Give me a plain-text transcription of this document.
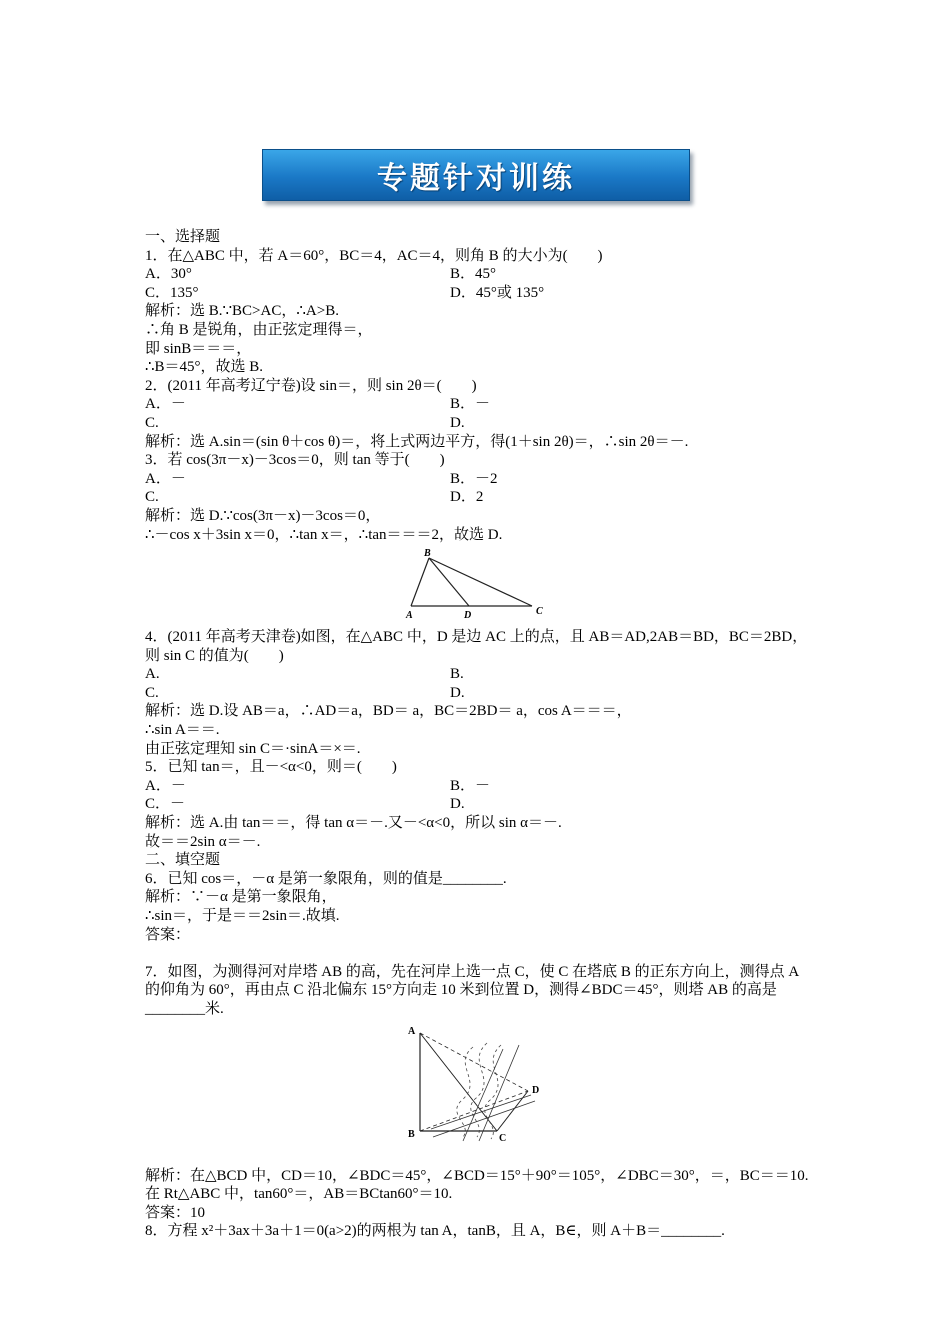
专题针对训练
一、选择题
1．在△ABC 中，若 A＝60°，BC＝4，AC＝4，则角 B 的大小为(　　)
A．30°	B．45°
C．135°	D．45°或 135°
解析：选 B.∵BC>AC，∴A>B.
∴角 B 是锐角，由正弦定理得＝，
即 sinB＝＝＝，
∴B＝45°，故选 B.
2．(2011 年高考辽宁卷)设 sin＝，则 sin 2θ＝(　　)
A．－	B．－
C.	D.
解析：选 A.sin＝(sin θ＋cos θ)＝，将上式两边平方，得(1＋sin 2θ)＝，∴sin 2θ＝－.
3．若 cos(3π－x)－3cos＝0，则 tan 等于(　　)
A．－	B．－2
C.	D．2
解析：选 D.∵cos(3π－x)－3cos＝0，
∴－cos x＋3sin x＝0，∴tan x＝，∴tan＝＝＝2，故选 D.
B
A	D	C
4．(2011 年高考天津卷)如图，在△ABC 中，D 是边 AC 上的点，且 AB＝AD,2AB＝BD，BC＝2BD，则 sin C 的值为(　　)
A.	B.
C.	D.
解析：选 D.设 AB＝a，∴AD＝a，BD＝ a，BC＝2BD＝ a，cos A＝＝＝，
∴sin A＝＝.
由正弦定理知 sin C＝·sinA＝×＝.
5．已知 tan＝，且－<α<0，则＝(　　)
A．－	B．－
C．－	D.
解析：选 A.由 tan＝＝，得 tan α＝－.又－<α<0，所以 sin α＝－.
故＝＝2sin α＝－.
二、填空题
6．已知 cos＝，－α 是第一象限角，则的值是________.
解析：∵－α 是第一象限角，
∴sin＝，于是＝＝2sin＝.故填.
答案：
7．如图，为测得河对岸塔 AB 的高，先在河岸上选一点 C，使 C 在塔底 B 的正东方向上，测得点 A 的仰角为 60°，再由点 C 沿北偏东 15°方向走 10 米到位置 D，测得∠BDC＝45°，则塔 AB 的高是________米.
A
B	C
D
解析：在△BCD 中，CD＝10，∠BDC＝45°，∠BCD＝15°＋90°＝105°，∠DBC＝30°，＝，BC＝＝10.在 Rt△ABC 中，tan60°＝，AB＝BCtan60°＝10.
答案：10
8．方程 x²＋3ax＋3a＋1＝0(a>2)的两根为 tan A，tanB，且 A，B∈，则 A＋B＝________.
